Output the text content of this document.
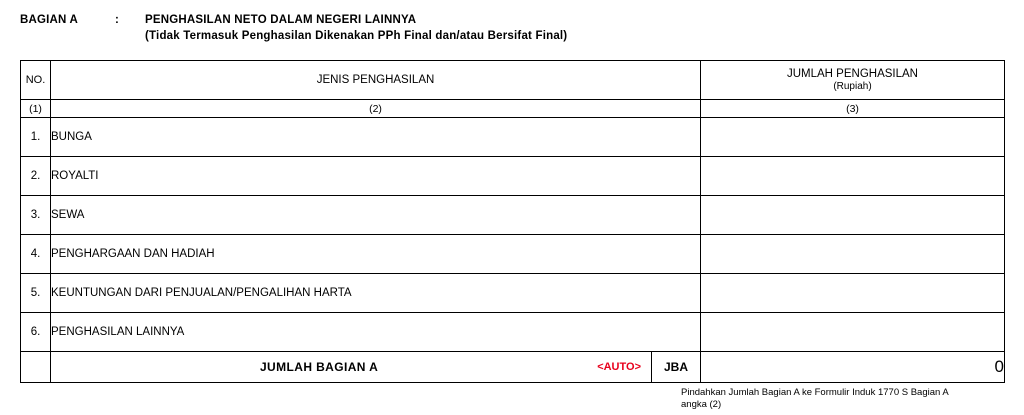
BAGIAN A	:	PENGHASILAN NETO DALAM NEGERI LAINNYA
(Tidak Termasuk Penghasilan Dikenakan PPh Final dan/atau Bersifat Final)
NO.	JENIS PENGHASILAN	JUMLAH PENGHASILAN
(Rupiah)

(1)	(2)	(3)
1.	BUNGA	
2.	ROYALTI	
3.	SEWA	
4.	PENGHARGAAN DAN HADIAH	
5.	KEUNTUNGAN DARI PENJUALAN/PENGALIHAN HARTA	
6.	PENGHASILAN LAINNYA	

	JUMLAH BAGIAN A <AUTO> JBA	0
Pindahkan Jumlah Bagian A ke Formulir Induk 1770 S Bagian A
angka (2)
